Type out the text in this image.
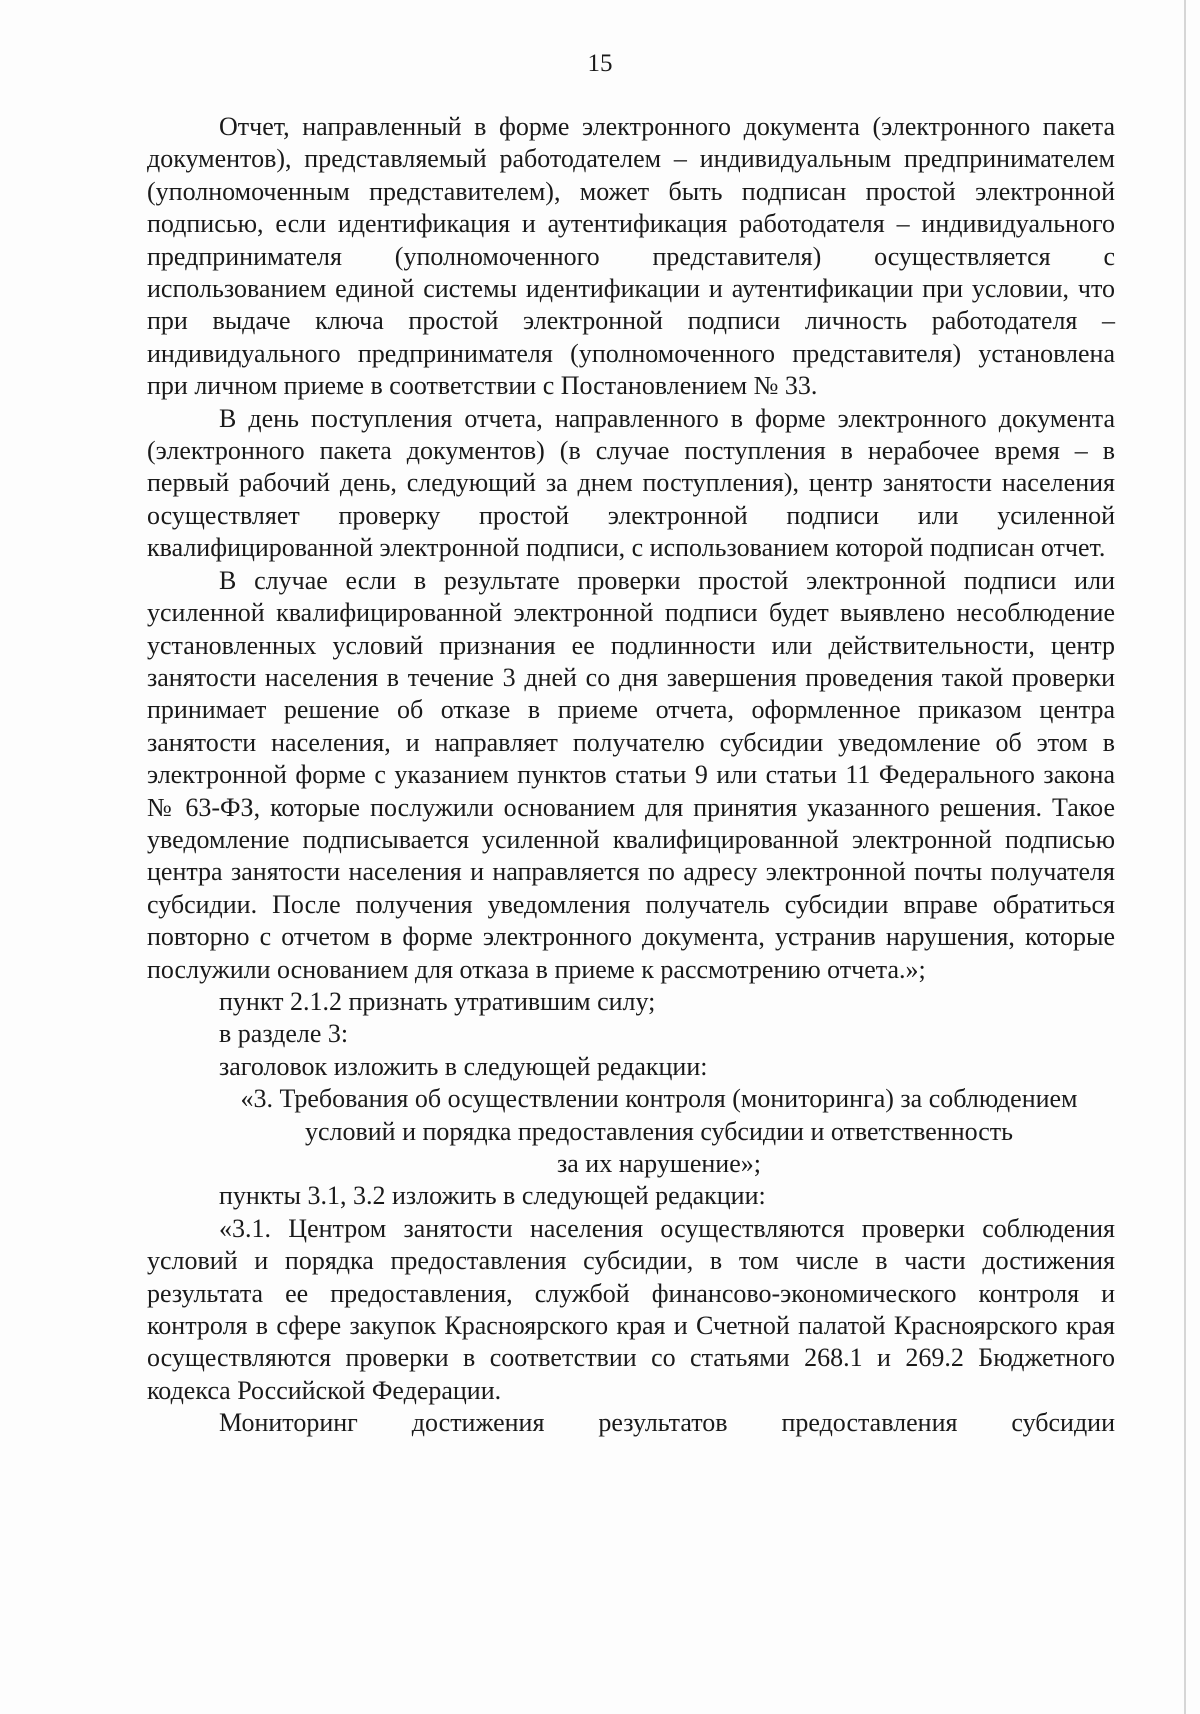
15

Отчет, направленный в форме электронного документа (электронного пакета документов), представляемый работодателем – индивидуальным предпринимателем (уполномоченным представителем), может быть подписан простой электронной подписью, если идентификация и аутентификация работодателя – индивидуального предпринимателя (уполномоченного представителя) осуществляется с использованием единой системы идентификации и аутентификации при условии, что при выдаче ключа простой электронной подписи личность работодателя – индивидуального предпринимателя (уполномоченного представителя) установлена при личном приеме в соответствии с Постановлением № 33.

В день поступления отчета, направленного в форме электронного документа (электронного пакета документов) (в случае поступления в нерабочее время – в первый рабочий день, следующий за днем поступления), центр занятости населения осуществляет проверку простой электронной подписи или усиленной квалифицированной электронной подписи, с использованием которой подписан отчет.

В случае если в результате проверки простой электронной подписи или усиленной квалифицированной электронной подписи будет выявлено несоблюдение установленных условий признания ее подлинности или действительности, центр занятости населения в течение 3 дней со дня завершения проведения такой проверки принимает решение об отказе в приеме отчета, оформленное приказом центра занятости населения, и направляет получателю субсидии уведомление об этом в электронной форме с указанием пунктов статьи 9 или статьи 11 Федерального закона № 63-ФЗ, которые послужили основанием для принятия указанного решения. Такое уведомление подписывается усиленной квалифицированной электронной подписью центра занятости населения и направляется по адресу электронной почты получателя субсидии. После получения уведомления получатель субсидии вправе обратиться повторно с отчетом в форме электронного документа, устранив нарушения, которые послужили основанием для отказа в приеме к рассмотрению отчета.»;

пункт 2.1.2 признать утратившим силу;

в разделе 3:

заголовок изложить в следующей редакции:

«3. Требования об осуществлении контроля (мониторинга) за соблюдением
условий и порядка предоставления субсидии и ответственность
за их нарушение»;

пункты 3.1, 3.2 изложить в следующей редакции:

«3.1. Центром занятости населения осуществляются проверки соблюдения условий и порядка предоставления субсидии, в том числе в части достижения результата ее предоставления, службой финансово-экономического контроля и контроля в сфере закупок Красноярского края и Счетной палатой Красноярского края осуществляются проверки в соответствии со статьями 268.1 и 269.2 Бюджетного кодекса Российской Федерации.

Мониторинг достижения результатов предоставления субсидии
